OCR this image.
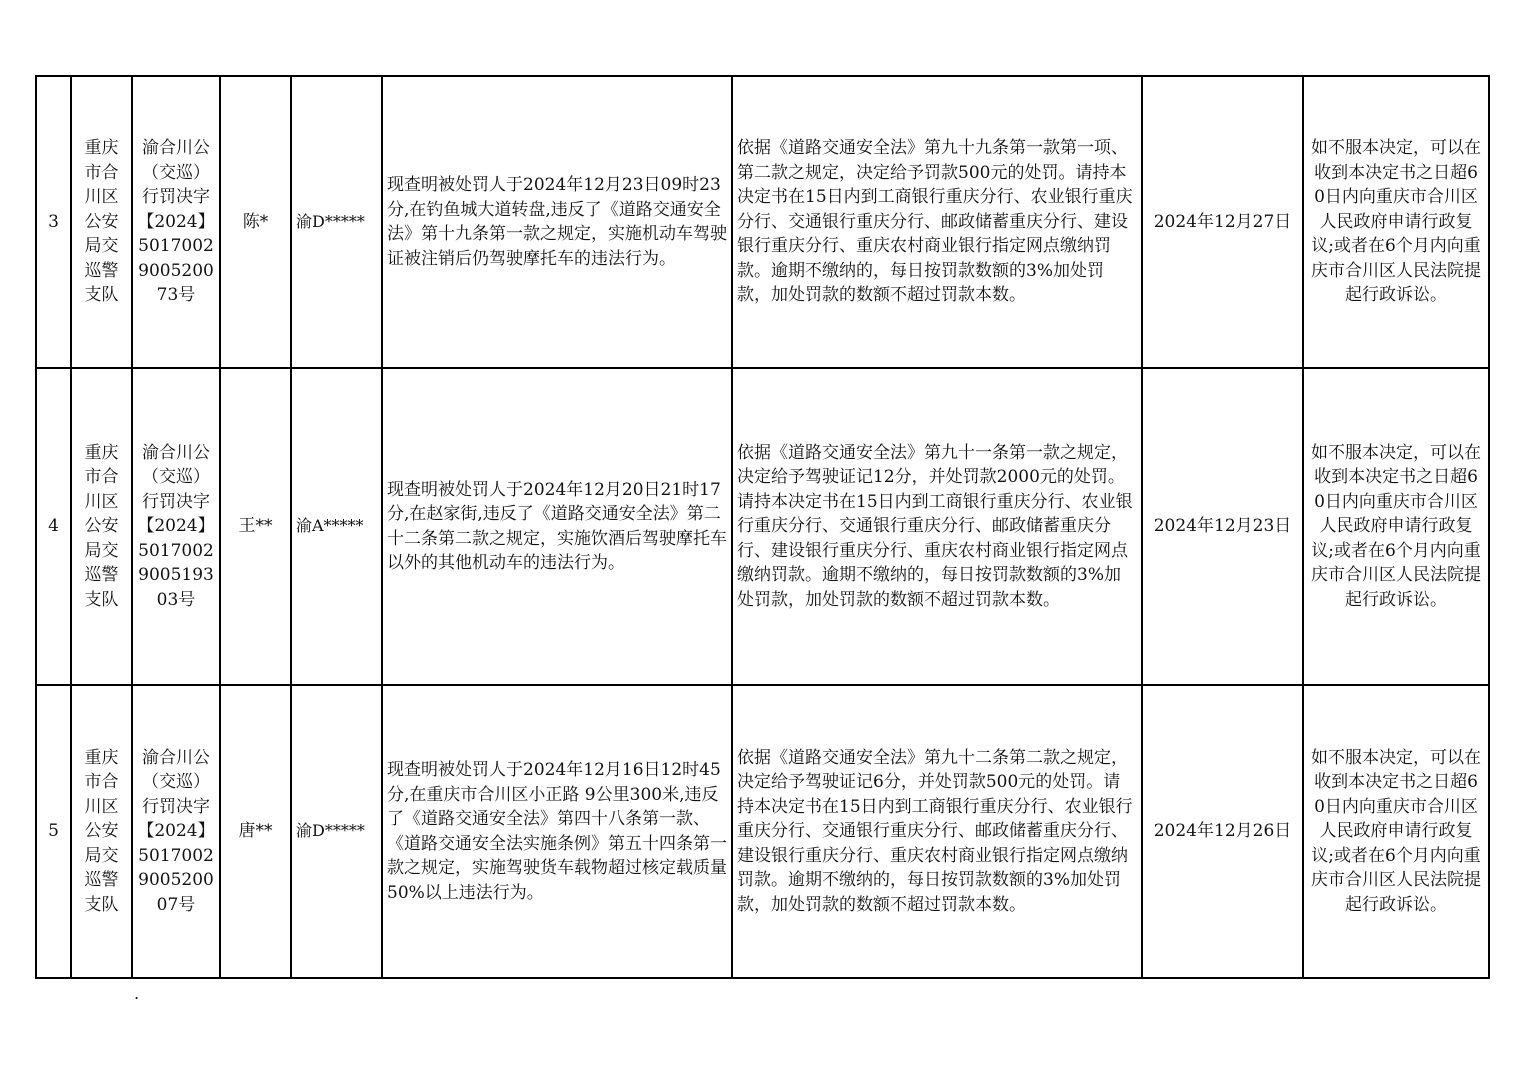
3	重庆市合川区公安局交巡警支队	渝合川公（交巡）行罚决字【2024】5017002900520073号	陈*	渝D*****	现查明被处罚人于2024年12月23日09时23分,在钓鱼城大道转盘,违反了《道路交通安全法》第十九条第一款之规定，实施机动车驾驶证被注销后仍驾驶摩托车的违法行为。	依据《道路交通安全法》第九十九条第一款第一项、第二款之规定，决定给予罚款500元的处罚。请持本决定书在15日内到工商银行重庆分行、农业银行重庆分行、交通银行重庆分行、邮政储蓄重庆分行、建设银行重庆分行、重庆农村商业银行指定网点缴纳罚款。逾期不缴纳的，每日按罚款数额的3%加处罚款，加处罚款的数额不超过罚款本数。	2024年12月27日	如不服本决定，可以在收到本决定书之日超60日内向重庆市合川区人民政府申请行政复议;或者在6个月内向重庆市合川区人民法院提起行政诉讼。
4	重庆市合川区公安局交巡警支队	渝合川公（交巡）行罚决字【2024】5017002900519303号	王**	渝A*****	现查明被处罚人于2024年12月20日21时17分,在赵家街,违反了《道路交通安全法》第二十二条第二款之规定，实施饮酒后驾驶摩托车以外的其他机动车的违法行为。	依据《道路交通安全法》第九十一条第一款之规定，决定给予驾驶证记12分，并处罚款2000元的处罚。请持本决定书在15日内到工商银行重庆分行、农业银行重庆分行、交通银行重庆分行、邮政储蓄重庆分行、建设银行重庆分行、重庆农村商业银行指定网点缴纳罚款。逾期不缴纳的，每日按罚款数额的3%加处罚款，加处罚款的数额不超过罚款本数。	2024年12月23日	如不服本决定，可以在收到本决定书之日超60日内向重庆市合川区人民政府申请行政复议;或者在6个月内向重庆市合川区人民法院提起行政诉讼。
5	重庆市合川区公安局交巡警支队	渝合川公（交巡）行罚决字【2024】5017002900520007号	唐**	渝D*****	现查明被处罚人于2024年12月16日12时45分,在重庆市合川区小正路 9公里300米,违反了《道路交通安全法》第四十八条第一款、《道路交通安全法实施条例》第五十四条第一款之规定，实施驾驶货车载物超过核定载质量50%以上违法行为。	依据《道路交通安全法》第九十二条第二款之规定，决定给予驾驶证记6分，并处罚款500元的处罚。请持本决定书在15日内到工商银行重庆分行、农业银行重庆分行、交通银行重庆分行、邮政储蓄重庆分行、建设银行重庆分行、重庆农村商业银行指定网点缴纳罚款。逾期不缴纳的，每日按罚款数额的3%加处罚款，加处罚款的数额不超过罚款本数。	2024年12月26日	如不服本决定，可以在收到本决定书之日超60日内向重庆市合川区人民政府申请行政复议;或者在6个月内向重庆市合川区人民法院提起行政诉讼。
.
